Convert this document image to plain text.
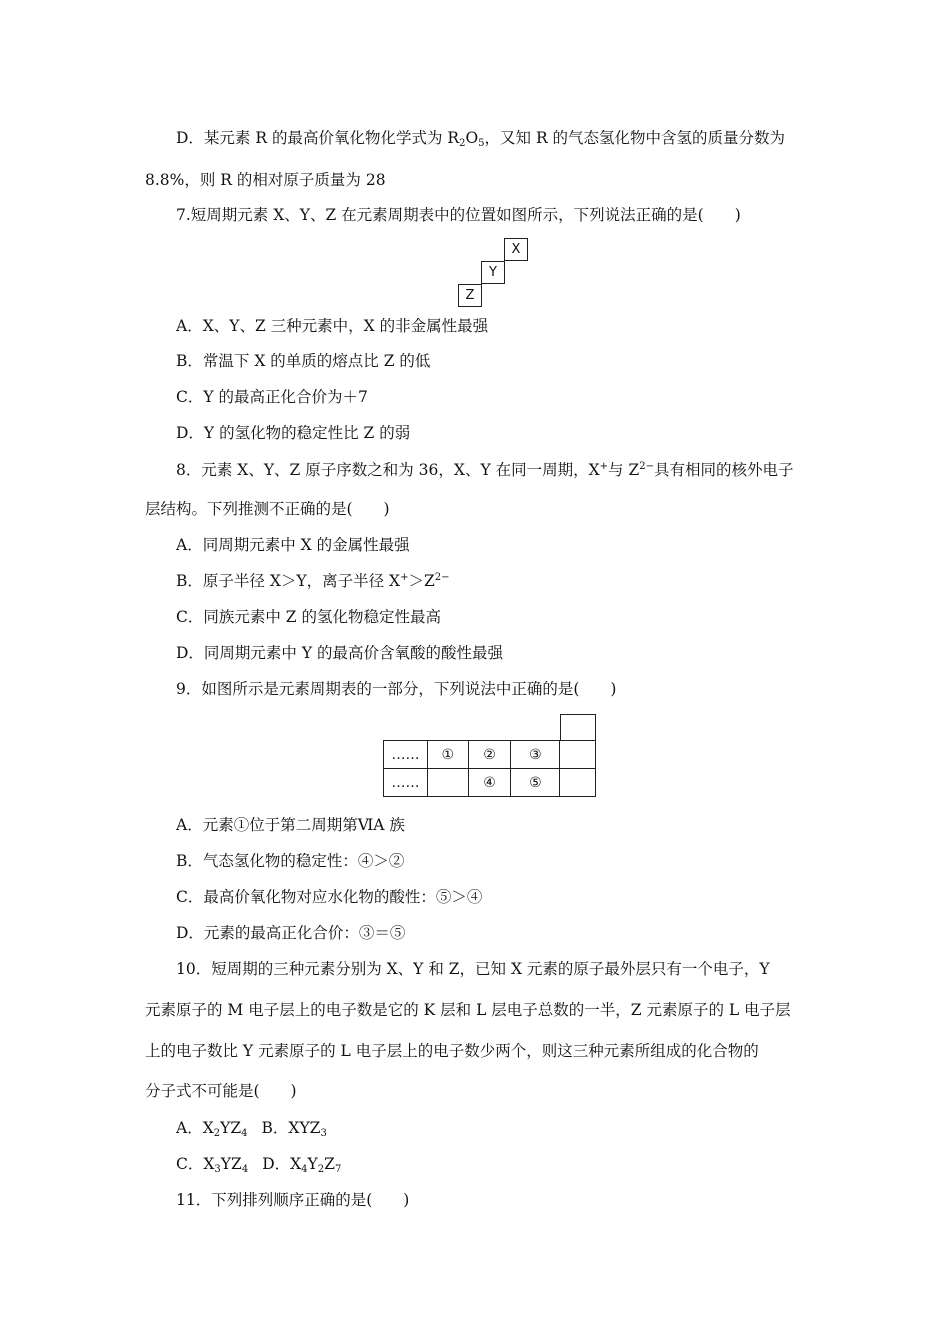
D．某元素 R 的最高价氧化物化学式为 R2O5，又知 R 的气态氢化物中含氢的质量分数为
8.8%，则 R 的相对原子质量为 28
7.短周期元素 X、Y、Z 在元素周期表中的位置如图所示，下列说法正确的是(　　)
X
Y
Z
A．X、Y、Z 三种元素中，X 的非金属性最强
B．常温下 X 的单质的熔点比 Z 的低
C．Y 的最高正化合价为＋7
D．Y 的氢化物的稳定性比 Z 的弱
8．元素 X、Y、Z 原子序数之和为 36，X、Y 在同一周期，X+与 $Z^{2-}$具有相同的核外电子
层结构。下列推测不正确的是(　　)
A．同周期元素中 X 的金属性最强
B．原子半径 X＞Y，离子半径 $X^+>Z^{2-}$
C．同族元素中 Z 的氢化物稳定性最高
D．同周期元素中 Y 的最高价含氧酸的酸性最强
9．如图所示是元素周期表的一部分，下列说法中正确的是(　　)
……	①	②	③	
……		④	⑤	
A．元素①位于第二周期第ⅥA 族
B．气态氢化物的稳定性：④＞②
C．最高价氧化物对应水化物的酸性：⑤＞④
D．元素的最高正化合价：③＝⑤
10．短周期的三种元素分别为 X、Y 和 Z，已知 X 元素的原子最外层只有一个电子，Y
元素原子的 M 电子层上的电子数是它的 K 层和 L 层电子总数的一半，Z 元素原子的 L 电子层
上的电子数比 Y 元素原子的 L 电子层上的电子数少两个，则这三种元素所组成的化合物的
分子式不可能是(　　)
A．X2YZ4 B．XYZ3
C．X3YZ4 D．X4Y2Z7
11．下列排列顺序正确的是(　　)
